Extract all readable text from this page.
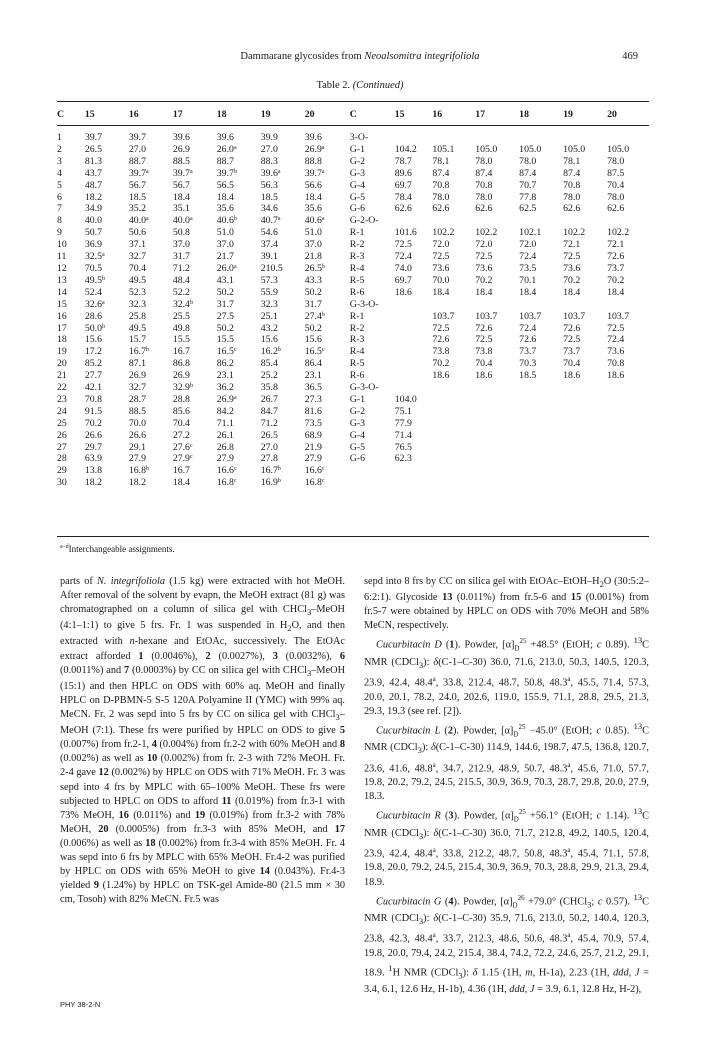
Dammarane glycosides from Neoalsomitra integrifoliola	469
Table 2. (Continued)
C	15	16	17	18	19	20	C	15	16	17	18	19	20
1	39.7	39.7	39.6	39.6	39.9	39.6	3-O-						
2	26.5	27.0	26.9	26.0$^a$	27.0	26.9$^a$	G-1	104.2	105.1	105.0	105.0	105.0	105.0
3	81.3	88.7	88.5	88.7	88.3	88.8	G-2	78.7	78.1	78.0	78.0	78.1	78.0
4	43.7	39.7$^a$	39.7$^a$	39.7$^b$	39.6$^a$	39.7$^a$	G-3	89.6	87.4	87.4	87.4	87.4	87.5
5	48.7	56.7	56.7	56.5	56.3	56.6	G-4	69.7	70.8	70.8	70.7	70.8	70.4
6	18.2	18.5	18.4	18.4	18.5	18.4	G-5	78.4	78.0	78.0	77.8	78.0	78.0
7	34.9	35.2	35.1	35.6	34.6	35.6	G-6	62.6	62.6	62.6	62.5	62.6	62.6
8	40.0	40.0$^a$	40.0$^a$	40.6$^b$	40.7$^a$	40.6$^a$	G-2-O-						
9	50.7	50.6	50.8	51.0	54.6	51.0	R-1	101.6	102.2	102.2	102.1	102.2	102.2
10	36.9	37.1	37.0	37.0	37.4	37.0	R-2	72.5	72.0	72.0	72.0	72.1	72.1
11	32.5$^a$	32.7	31.7	21.7	39.1	21.8	R-3	72.4	72.5	72.5	72.4	72.5	72.6
12	70.5	70.4	71.2	26.0$^a$	210.5	26.5$^b$	R-4	74.0	73.6	73.6	73.5	73.6	73.7
13	49.5$^b$	49.5	48.4	43.1	57.3	43.3	R-5	69.7	70.0	70.2	70.1	70.2	70.2
14	52.4	52.3	52.2	50.2	55.9	50.2	R-6	18.6	18.4	18.4	18.4	18.4	18.4
15	32.6$^a$	32.3	32.4$^b$	31.7	32.3	31.7	G-3-O-						
16	28.6	25.8	25.5	27.5	25.1	27.4$^b$	R-1		103.7	103.7	103.7	103.7	103.7
17	50.0$^b$	49.5	49.8	50.2	43.2	50.2	R-2		72.5	72.6	72.4	72.6	72.5
18	15.6	15.7	15.5	15.5	15.6	15.6	R-3		72.6	72.5	72.6	72.5	72.4
19	17.2	16.7$^b$	16.7	16.5$^c$	16.2$^b$	16.5$^c$	R-4		73.8	73.8	73.7	73.7	73.6
20	85.2	87.1	86.8	86.2	85.4	86.4	R-5		70.2	70.4	70.3	70.4	70.8
21	27.7	26.9	26.9	23.1	25.2	23.1	R-6		18.6	18.6	18.5	18.6	18.6
22	42.1	32.7	32.9$^b$	36.2	35.8	36.5	G-3-O-						
23	70.8	28.7	28.8	26.9$^a$	26.7	27.3	G-1	104.0					
24	91.5	88.5	85.6	84.2	84.7	81.6	G-2	75.1					
25	70.2	70.0	70.4	71.1	71.2	73.5	G-3	77.9					
26	26.6	26.6	27.2	26.1	26.5	68.9	G-4	71.4					
27	29.7	29.1	27.6$^c$	26.8	27.0	21.9	G-5	76.5					
28	63.9	27.9	27.9$^c$	27.9	27.8	27.9	G-6	62.3					
29	13.8	16.8$^b$	16.7	16.6$^c$	16.7$^b$	16.6$^c$							
30	18.2	18.2	18.4	16.8$^c$	16.9$^b$	16.8$^c$							
$^{a-d}$Interchangeable assignments.

parts of N. integrifoliola (1.5 kg) were extracted with hot MeOH. After removal of the solvent by evapn, the MeOH extract (81 g) was chromatographed on a column of silica gel with CHCl$_3$–MeOH (4:1–1:1) to give 5 frs. Fr. 1 was suspended in $H_2O$, and then extracted with n-hexane and EtOAc, successively. The EtOAc extract afforded 1 (0.0046%), 2 (0.0027%), 3 (0.0032%), 6 (0.0011%) and 7 (0.0003%) by CC on silica gel with CHCl$_3$–MeOH (15:1) and then HPLC on ODS with 60% aq. MeOH and finally HPLC on D-PBMN-5 S-5 120A Polyamine II (YMC) with 99% aq. MeCN. Fr. 2 was sepd into 5 frs by CC on silica gel with CHCl$_3$–MeOH (7:1). These frs were purified by HPLC on ODS to give 5 (0.007%) from fr.2-1, 4 (0.004%) from fr.2-2 with 60% MeOH and 8 (0.002%) as well as 10 (0.002%) from fr. 2-3 with 72% MeOH. Fr. 2-4 gave 12 (0.002%) by HPLC on ODS with 71% MeOH. Fr. 3 was sepd into 4 frs by MPLC with 65–100% MeOH. These frs were subjected to HPLC on ODS to afford 11 (0.019%) from fr.3-1 with 73% MeOH, 16 (0.011%) and 19 (0.019%) from fr.3-2 with 78% MeOH, 20 (0.0005%) from fr.3-3 with 85% MeOH, and 17 (0.006%) as well as 18 (0.002%) from fr.3-4 with 85% MeOH. Fr. 4 was sepd into 6 frs by MPLC with 65% MeOH. Fr.4-2 was purified by HPLC on ODS with 65% MeOH to give 14 (0.043%). Fr.4-3 yielded 9 (1.24%) by HPLC on TSK-gel Amide-80 (21.5 mm × 30 cm, Tosoh) with 82% MeCN. Fr.5 was

sepd into 8 frs by CC on silica gel with EtOAc–$EtOH-H_2O$ (30:5:2–6:2:1). Glycoside 13 (0.011%) from fr.5-6 and 15 (0.001%) from fr.5-7 were obtained by HPLC on ODS with 70% MeOH and 58% MeCN, respectively.

Cucurbitacin D (1). Powder, $[\alpha]_D^{25} +48.5^\circ$ (EtOH; c 0.89). $^{13}$C NMR (CDCl$_3$): δ(C-1–C-30) 36.0, 71.6, 213.0, 50.3, 140.5, 120.3, 23.9, 42.4, 48.4$^a$, 33.8, 212.4, 48.7, 50.8, 48.3$^a$, 45.5, 71.4, 57.3, 20.0, 20.1, 78.2, 24.0, 202.6, 119.0, 155.9, 71.1, 28.8, 29.5, 21.3, 29.3, 19.3 (see ref. [2]).

Cucurbitacin L (2). Powder, $[\alpha]_D^{25} -45.0^\circ$ (EtOH; c 0.85). $^{13}$C NMR (CDCl$_3$): δ(C-1–C-30) 114.9, 144.6, 198.7, 47.5, 136.8, 120.7, 23.6, 41.6, 48.8$^a$, 34.7, 212.9, 48.9, 50.7, 48.3$^a$, 45.6, 71.0, 57.7, 19.8, 20.2, 79.2, 24.5, 215.5, 30.9, 36.9, 70.3, 28.7, 29.8, 20.0, 27.9, 18.3.

Cucurbitacin R (3). Powder, $[\alpha]_D^{25} +56.1^\circ$ (EtOH; c 1.14). $^{13}$C NMR (CDCl$_3$): δ(C-1–C-30) 36.0, 71.7, 212.8, 49.2, 140.5, 120.4, 23.9, 42.4, 48.4$^a$, 33.8, 212.2, 48.7, 50.8, 48.3$^a$, 45.4, 71.1, 57.8, 19.8, 20.0, 79.2, 24.5, 215.4, 30.9, 36.9, 70.3, 28.8, 29.9, 21.3, 29.4, 18.9.

Cucurbitacin G (4). Powder, $[\alpha]_D^{26} +79.0^\circ$ (CHCl$_3$; c 0.57). $^{13}$C NMR (CDCl$_3$): δ(C-1–C-30) 35.9, 71.6, 213.0, 50.2, 140.4, 120.3, 23.8, 42.3, 48.4$^a$, 33.7, 212.3, 48.6, 50.6, 48.3$^a$, 45.4, 70.9, 57.4, 19.8, 20.0, 79.4, 24.2, 215.4, 38.4, 74.2, 72.2, 24.6, 25.7, 21.2, 29.1, 18.9. $^1$H NMR (CDCl$_3$): δ 1.15 (1H, m, H-1a), 2.23 (1H, ddd, J = 3.4, 6.1, 12.6 Hz, H-1b), 4.36 (1H, ddd, J = 3.9, 6.1, 12.8 Hz, H-2),

PHY 38-2-N
